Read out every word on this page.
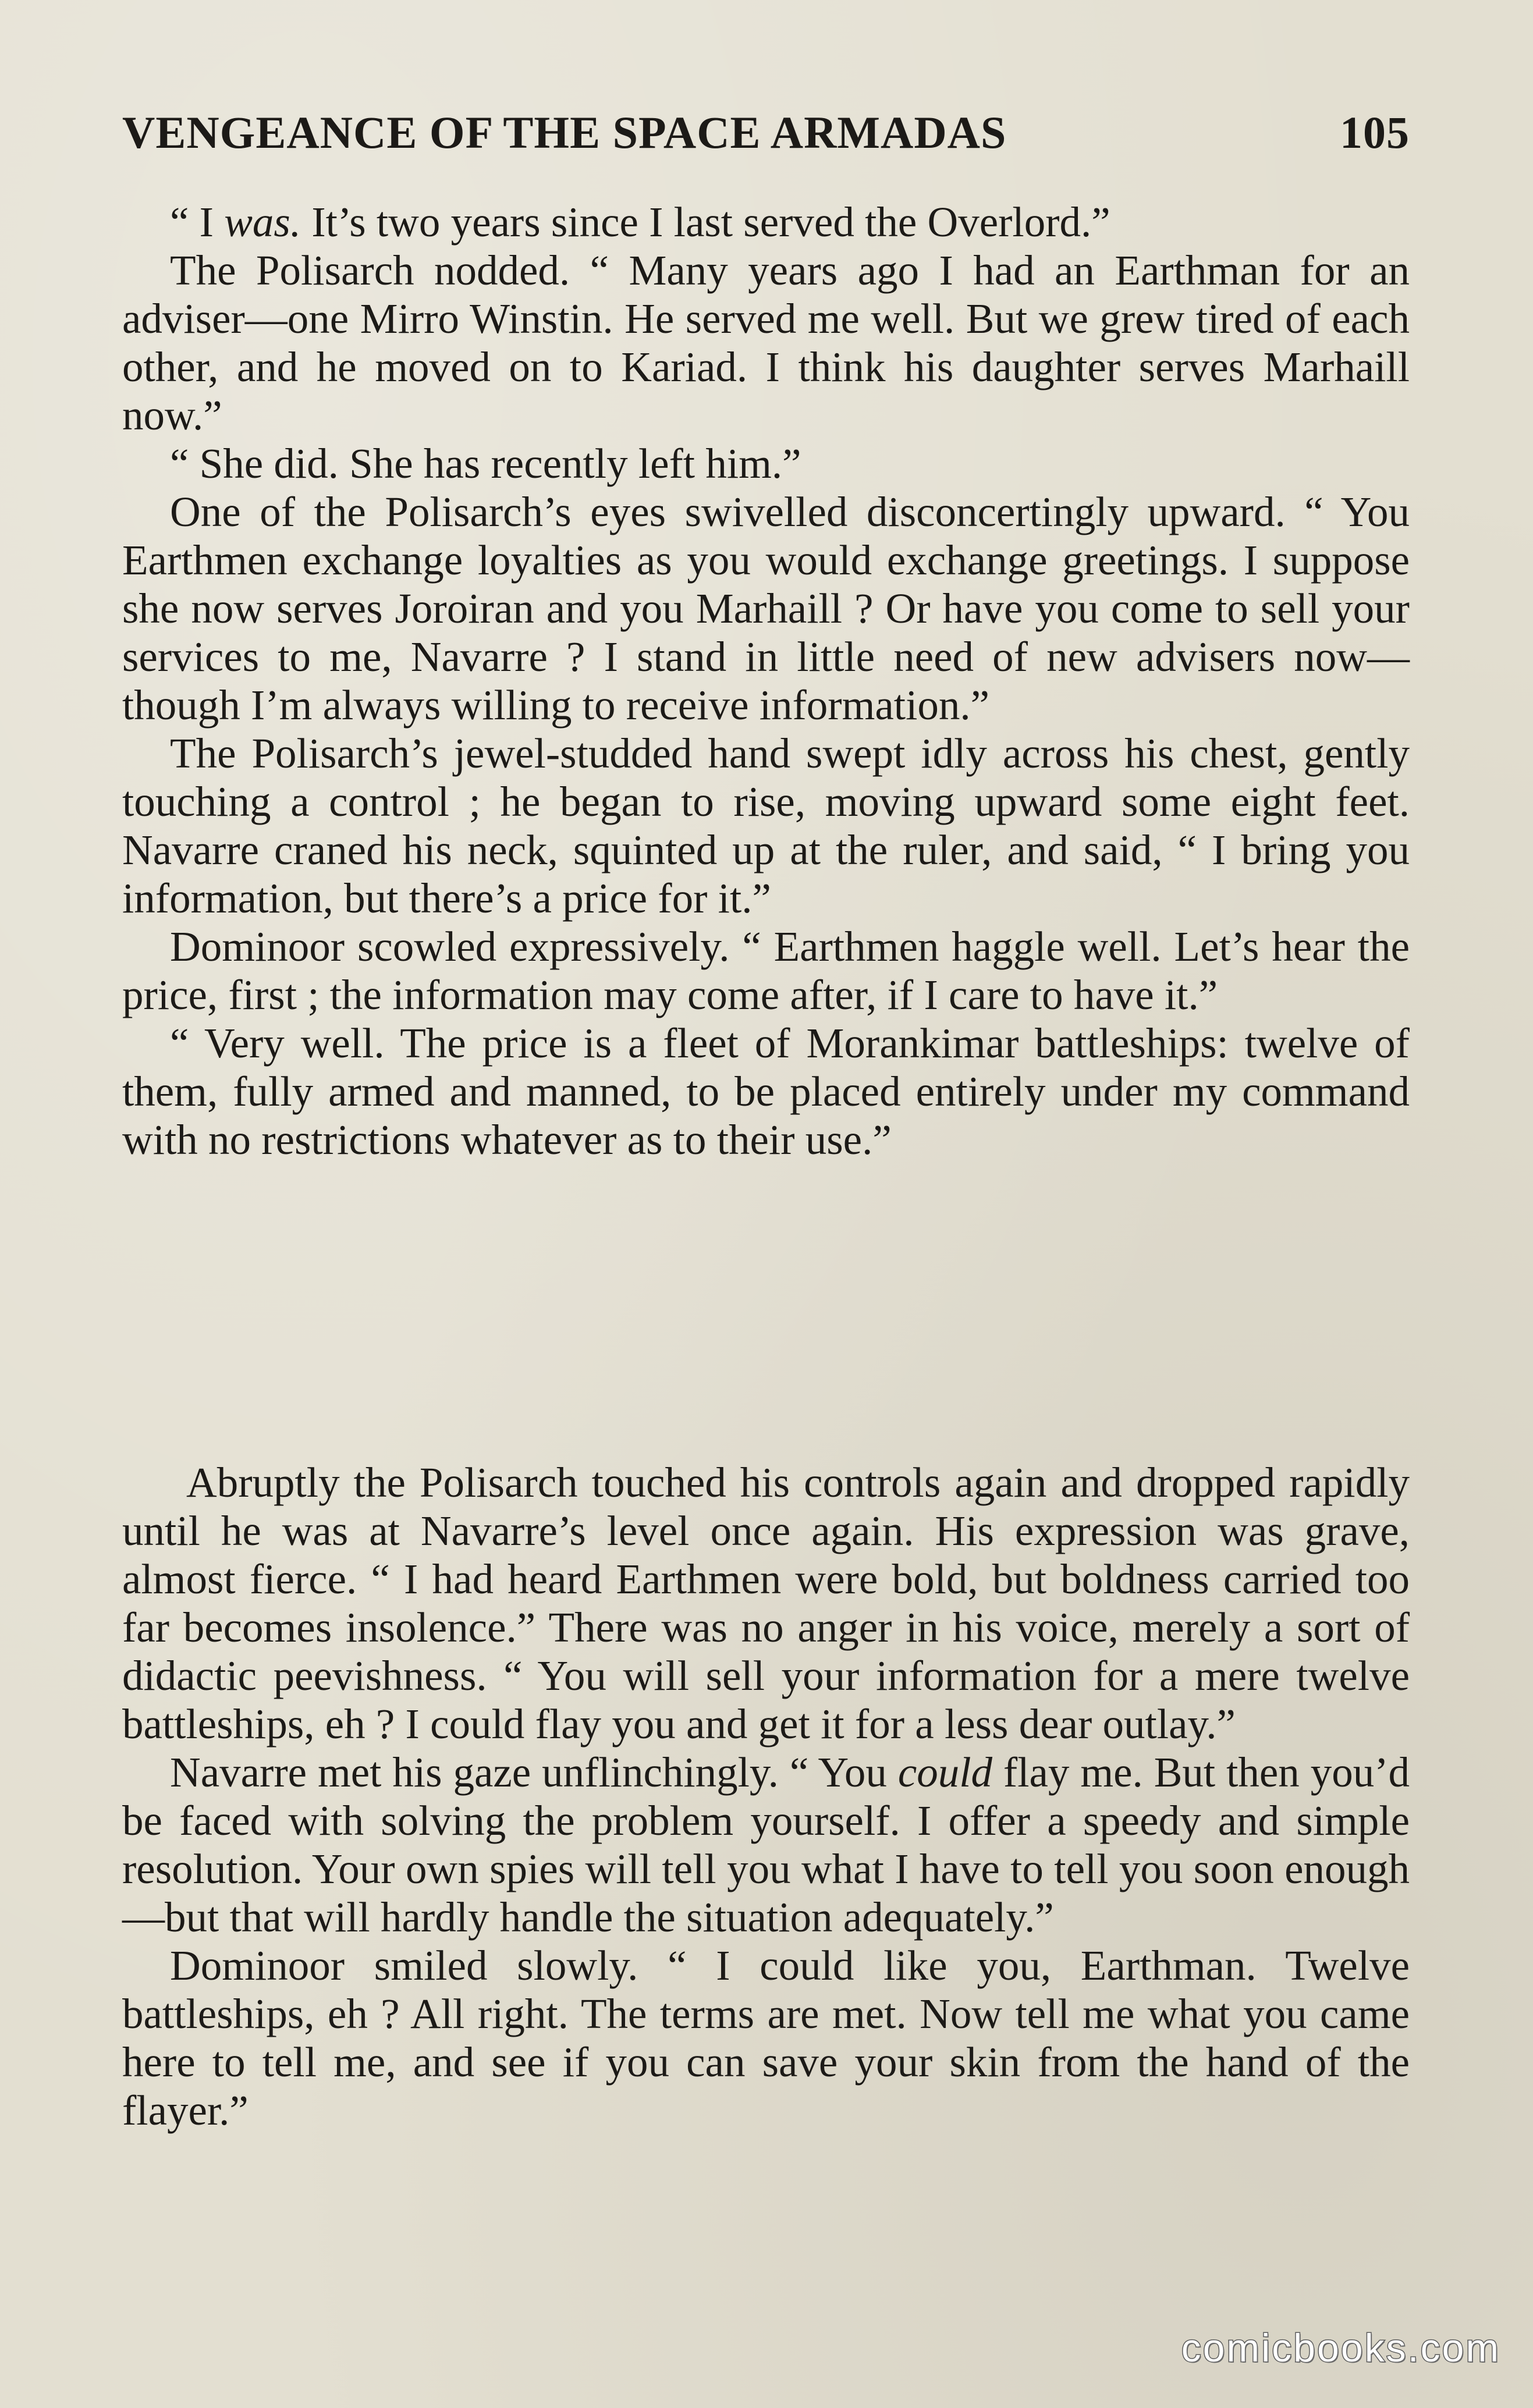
VENGEANCE OF THE SPACE ARMADAS	105

“ I was. It’s two years since I last served the Overlord.”

The Polisarch nodded. “ Many years ago I had an Earthman for an adviser—one Mirro Winstin. He served me well. But we grew tired of each other, and he moved on to Kariad. I think his daughter serves Marhaill now.”

“ She did. She has recently left him.”

One of the Polisarch’s eyes swivelled disconcertingly upward. “ You Earthmen exchange loyalties as you would exchange greetings. I suppose she now serves Joroiran and you Marhaill ? Or have you come to sell your services to me, Navarre ? I stand in little need of new advisers now—though I’m always willing to receive information.”

The Polisarch’s jewel-studded hand swept idly across his chest, gently touching a control ; he began to rise, moving upward some eight feet. Navarre craned his neck, squinted up at the ruler, and said, “ I bring you information, but there’s a price for it.”

Dominoor scowled expressively. “ Earthmen haggle well. Let’s hear the price, first ; the information may come after, if I care to have it.”

“ Very well. The price is a fleet of Morankimar battleships: twelve of them, fully armed and manned, to be placed entirely under my command with no restrictions whatever as to their use.”

Abruptly the Polisarch touched his controls again and dropped rapidly until he was at Navarre’s level once again. His expression was grave, almost fierce. “ I had heard Earthmen were bold, but boldness carried too far becomes insolence.” There was no anger in his voice, merely a sort of didactic peevishness. “ You will sell your information for a mere twelve battleships, eh ? I could flay you and get it for a less dear outlay.”

Navarre met his gaze unflinchingly. “ You could flay me. But then you’d be faced with solving the problem yourself. I offer a speedy and simple resolution. Your own spies will tell you what I have to tell you soon enough—but that will hardly handle the situation adequately.”

Dominoor smiled slowly. “ I could like you, Earthman. Twelve battleships, eh ? All right. The terms are met. Now tell me what you came here to tell me, and see if you can save your skin from the hand of the flayer.”

comicbooks.com
